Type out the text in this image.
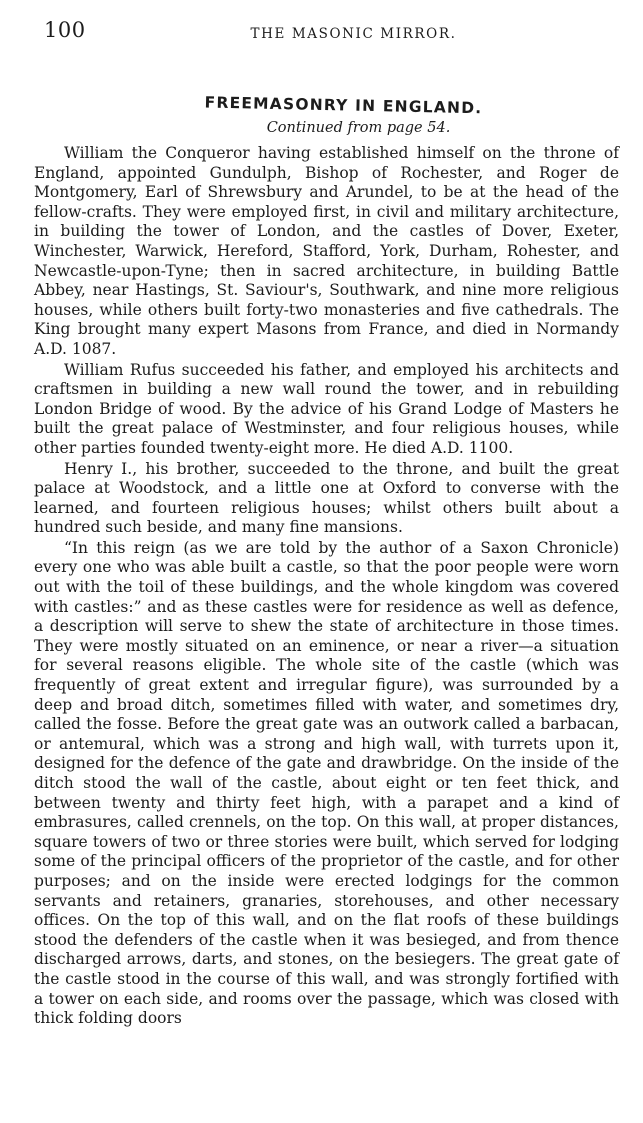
100	THE MASONIC MIRROR.
FREEMASONRY IN ENGLAND.
Continued from page 54.

William the Conqueror having established himself on the throne of England, appointed Gundulph, Bishop of Rochester, and Roger de Montgomery, Earl of Shrewsbury and Arundel, to be at the head of the fellow-crafts. They were employed first, in civil and military architecture, in building the tower of London, and the castles of Dover, Exeter, Winchester, Warwick, Hereford, Stafford, York, Durham, Rohester, and Newcastle-upon-Tyne; then in sacred architecture, in building Battle Abbey, near Hastings, St. Saviour's, Southwark, and nine more religious houses, while others built forty-two monasteries and five cathedrals. The King brought many expert Masons from France, and died in Normandy A.D. 1087.

William Rufus succeeded his father, and employed his architects and craftsmen in building a new wall round the tower, and in rebuilding London Bridge of wood. By the advice of his Grand Lodge of Masters he built the great palace of Westminster, and four religious houses, while other parties founded twenty-eight more. He died A.D. 1100.

Henry I., his brother, succeeded to the throne, and built the great palace at Woodstock, and a little one at Oxford to converse with the learned, and fourteen religious houses; whilst others built about a hundred such beside, and many fine mansions.

“In this reign (as we are told by the author of a Saxon Chronicle) every one who was able built a castle, so that the poor people were worn out with the toil of these buildings, and the whole kingdom was covered with castles:” and as these castles were for residence as well as defence, a description will serve to shew the state of architecture in those times. They were mostly situated on an eminence, or near a river—a situation for several reasons eligible. The whole site of the castle (which was frequently of great extent and irregular figure), was surrounded by a deep and broad ditch, sometimes filled with water, and sometimes dry, called the fosse. Before the great gate was an outwork called a barbacan, or antemural, which was a strong and high wall, with turrets upon it, designed for the defence of the gate and drawbridge. On the inside of the ditch stood the wall of the castle, about eight or ten feet thick, and between twenty and thirty feet high, with a parapet and a kind of embrasures, called crennels, on the top. On this wall, at proper distances, square towers of two or three stories were built, which served for lodging some of the principal officers of the proprietor of the castle, and for other purposes; and on the inside were erected lodgings for the common servants and retainers, granaries, storehouses, and other necessary offices. On the top of this wall, and on the flat roofs of these buildings stood the defenders of the castle when it was besieged, and from thence discharged arrows, darts, and stones, on the besiegers. The great gate of the castle stood in the course of this wall, and was strongly fortified with a tower on each side, and rooms over the passage, which was closed with thick folding doors
